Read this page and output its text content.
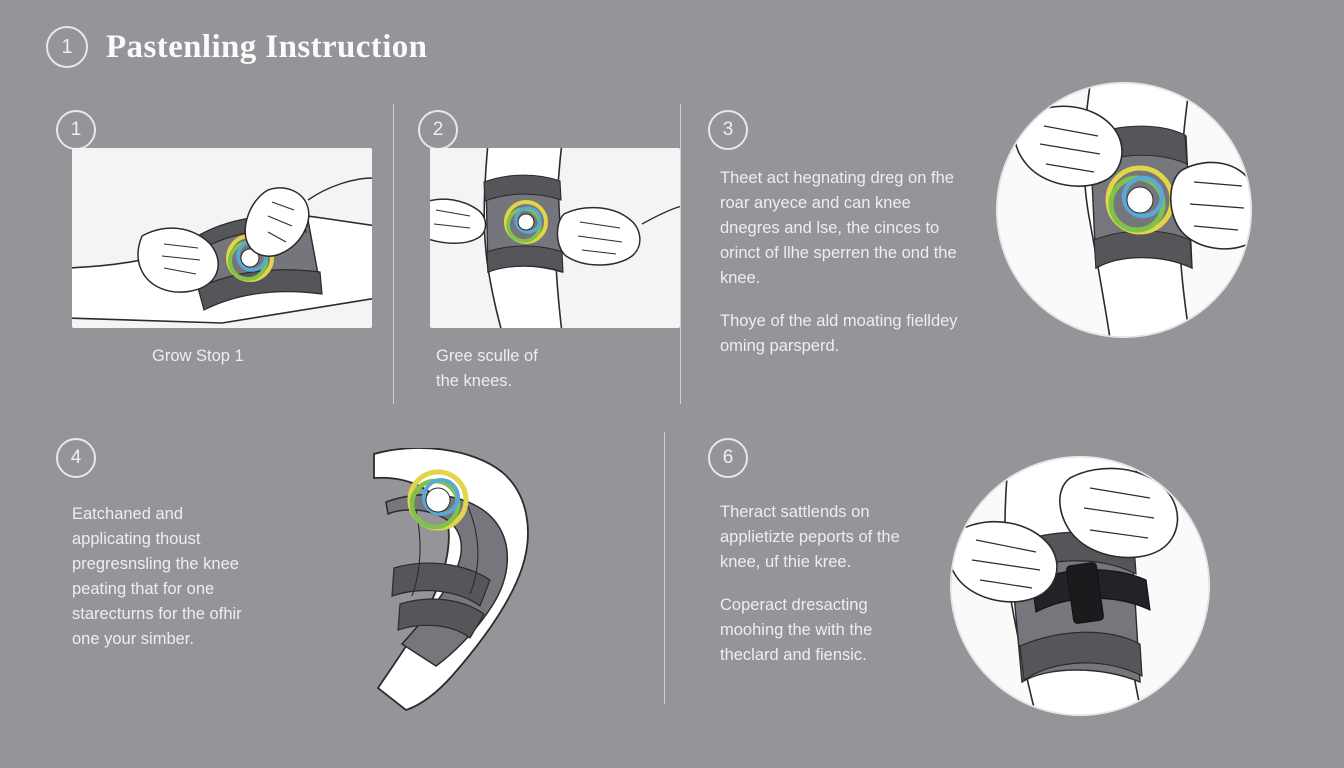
1	Pastenling Instruction
1
Grow Stop 1
2
Gree sculle of
the knees.
3

Theet act hegnating dreg on fhe roar anyece and can knee dnegres and lse, the cinces to orinct of llhe sperren the ond the knee.

Thoye of the ald moating fielldey oming parsperd.

4

Eatchaned and applicating thoust pregresnsling the knee peating that for one starecturns for the ofhir one your simber.

6

Theract sattlends on applietizte peports of the knee, uf thie kree.

Coperact dresacting moohing the with the theclard and fiensic.
